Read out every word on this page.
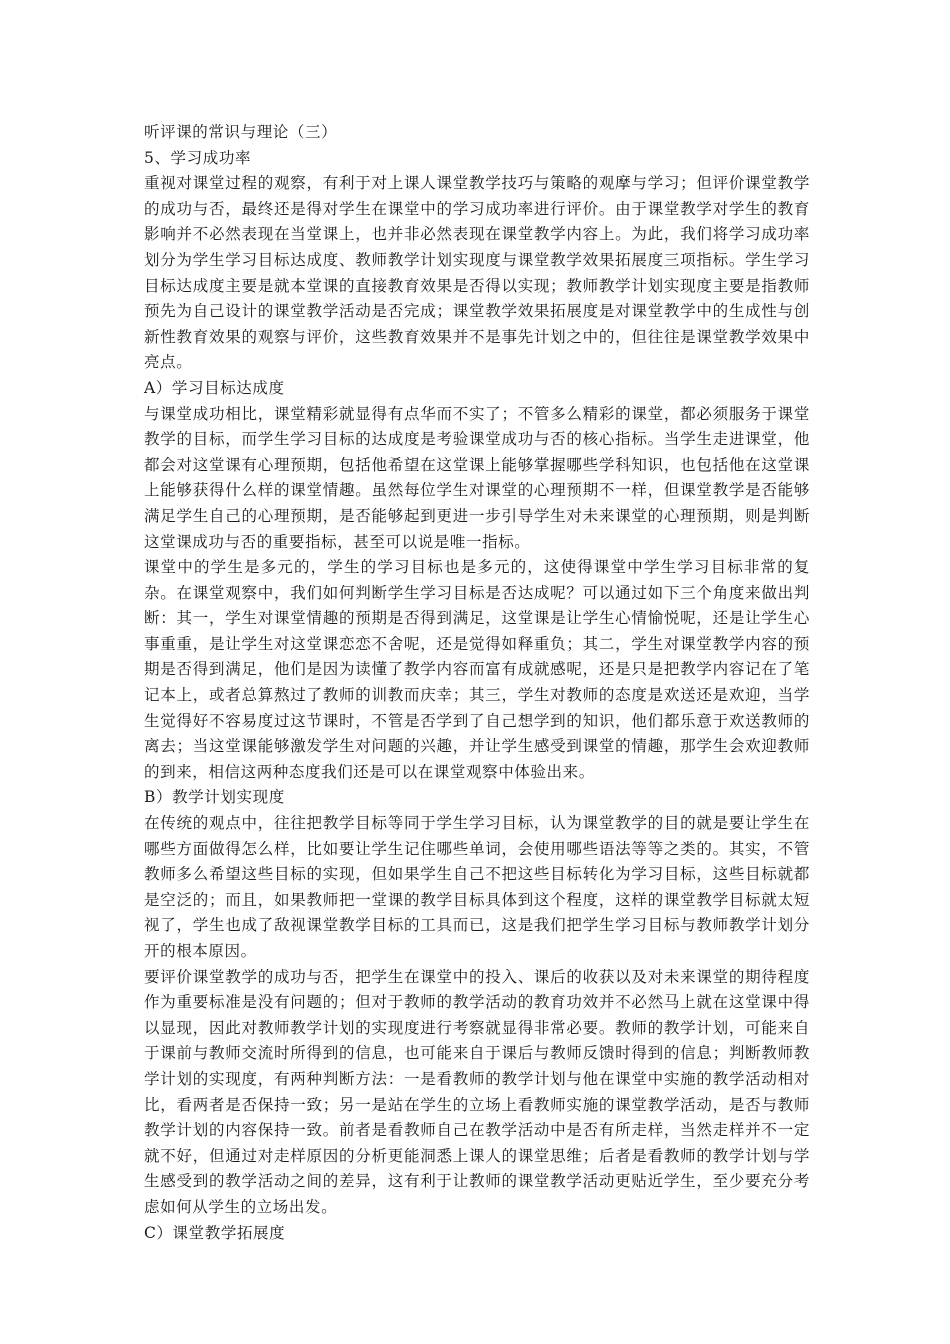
听评课的常识与理论（三）
5、学习成功率

重视对课堂过程的观察，有利于对上课人课堂教学技巧与策略的观摩与学习；但评价课堂教学的成功与否，最终还是得对学生在课堂中的学习成功率进行评价。由于课堂教学对学生的教育影响并不必然表现在当堂课上，也并非必然表现在课堂教学内容上。为此，我们将学习成功率划分为学生学习目标达成度、教师教学计划实现度与课堂教学效果拓展度三项指标。学生学习目标达成度主要是就本堂课的直接教育效果是否得以实现；教师教学计划实现度主要是指教师预先为自己设计的课堂教学活动是否完成；课堂教学效果拓展度是对课堂教学中的生成性与创新性教育效果的观察与评价，这些教育效果并不是事先计划之中的，但往往是课堂教学效果中亮点。

A）学习目标达成度

与课堂成功相比，课堂精彩就显得有点华而不实了；不管多么精彩的课堂，都必须服务于课堂教学的目标，而学生学习目标的达成度是考验课堂成功与否的核心指标。当学生走进课堂，他都会对这堂课有心理预期，包括他希望在这堂课上能够掌握哪些学科知识，也包括他在这堂课上能够获得什么样的课堂情趣。虽然每位学生对课堂的心理预期不一样，但课堂教学是否能够满足学生自己的心理预期，是否能够起到更进一步引导学生对未来课堂的心理预期，则是判断这堂课成功与否的重要指标，甚至可以说是唯一指标。

课堂中的学生是多元的，学生的学习目标也是多元的，这使得课堂中学生学习目标非常的复杂。在课堂观察中，我们如何判断学生学习目标是否达成呢？可以通过如下三个角度来做出判断：其一，学生对课堂情趣的预期是否得到满足，这堂课是让学生心情愉悦呢，还是让学生心事重重，是让学生对这堂课恋恋不舍呢，还是觉得如释重负；其二，学生对课堂教学内容的预期是否得到满足，他们是因为读懂了教学内容而富有成就感呢，还是只是把教学内容记在了笔记本上，或者总算熬过了教师的训教而庆幸；其三，学生对教师的态度是欢送还是欢迎，当学生觉得好不容易度过这节课时，不管是否学到了自己想学到的知识，他们都乐意于欢送教师的离去；当这堂课能够激发学生对问题的兴趣，并让学生感受到课堂的情趣，那学生会欢迎教师的到来，相信这两种态度我们还是可以在课堂观察中体验出来。

B）教学计划实现度

在传统的观点中，往往把教学目标等同于学生学习目标，认为课堂教学的目的就是要让学生在哪些方面做得怎么样，比如要让学生记住哪些单词，会使用哪些语法等等之类的。其实，不管教师多么希望这些目标的实现，但如果学生自己不把这些目标转化为学习目标，这些目标就都是空泛的；而且，如果教师把一堂课的教学目标具体到这个程度，这样的课堂教学目标就太短视了，学生也成了敌视课堂教学目标的工具而已，这是我们把学生学习目标与教师教学计划分开的根本原因。

要评价课堂教学的成功与否，把学生在课堂中的投入、课后的收获以及对未来课堂的期待程度作为重要标准是没有问题的；但对于教师的教学活动的教育功效并不必然马上就在这堂课中得以显现，因此对教师教学计划的实现度进行考察就显得非常必要。教师的教学计划，可能来自于课前与教师交流时所得到的信息，也可能来自于课后与教师反馈时得到的信息；判断教师教学计划的实现度，有两种判断方法：一是看教师的教学计划与他在课堂中实施的教学活动相对比，看两者是否保持一致；另一是站在学生的立场上看教师实施的课堂教学活动，是否与教师教学计划的内容保持一致。前者是看教师自己在教学活动中是否有所走样，当然走样并不一定就不好，但通过对走样原因的分析更能洞悉上课人的课堂思维；后者是看教师的教学计划与学生感受到的教学活动之间的差异，这有利于让教师的课堂教学活动更贴近学生，至少要充分考虑如何从学生的立场出发。

C）课堂教学拓展度
